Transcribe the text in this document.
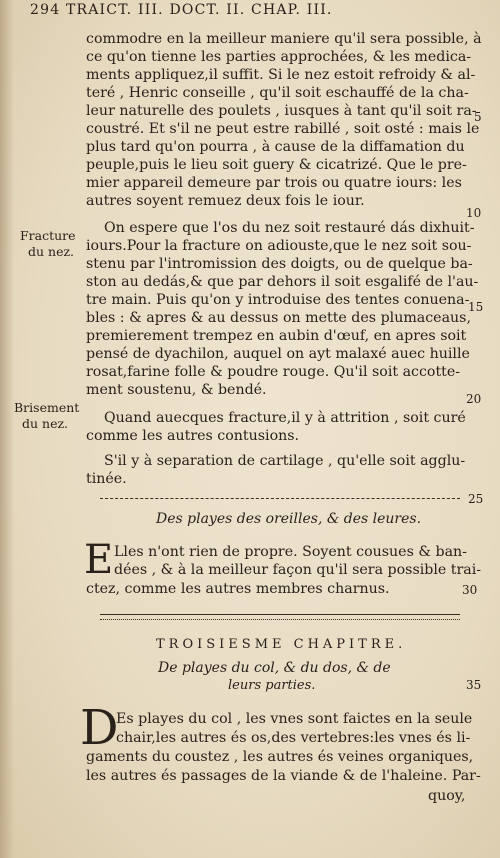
294 TRAICT. III. DOCT. II. CHAP. III.
commodre en la meilleur maniere qu'il sera possible, à
ce qu'on tienne les parties approchées, & les medica-
ments appliquez,il suffit. Si le nez estoit refroidy & al-
teré , Henric conseille , qu'il soit eschauffé de la cha-
leur naturelle des poulets , iusques à tant qu'il soit ra-
coustré. Et s'il ne peut estre rabillé , soit osté : mais le
plus tard qu'on pourra , à cause de la diffamation du
peuple,puis le lieu soit guery & cicatrizé. Que le pre-
mier appareil demeure par trois ou quatre iours: les
autres soyent remuez deux fois le iour.
On espere que l'os du nez soit restauré dás dixhuit-
iours.Pour la fracture on adiouste,que le nez soit sou-
stenu par l'intromission des doigts, ou de quelque ba-
ston au dedás,& que par dehors il soit esgalifé de l'au-
tre main. Puis qu'on y introduise des tentes conuena-
bles : & apres & au dessus on mette des plumaceaus,
premierement trempez en aubin d'œuf, en apres soit
pensé de dyachilon, auquel on ayt malaxé auec huille
rosat,farine folle & poudre rouge. Qu'il soit accotte-
ment soustenu, & bendé.
Quand auecques fracture,il y à attrition , soit curé
comme les autres contusions.
S'il y à separation de cartilage , qu'elle soit agglu-
tinée.
Fracture
du nez.
Brisement
du nez.
5
10
15
20
25
30
35
Des playes des oreilles, & des leures.
E Lles n'ont rien de propre. Soyent cousues & ban-
dées , & à la meilleur façon qu'il sera possible trai-
ctez, comme les autres membres charnus.
TROISIESME CHAPITRE.
De playes du col, & du dos, & de
leurs parties.
D
Es playes du col , les vnes sont faictes en la seule
chair,les autres és os,des vertebres:les vnes és li-
gaments du coustez , les autres és veines organiques,
les autres és passages de la viande & de l'haleine. Par-
quoy,
